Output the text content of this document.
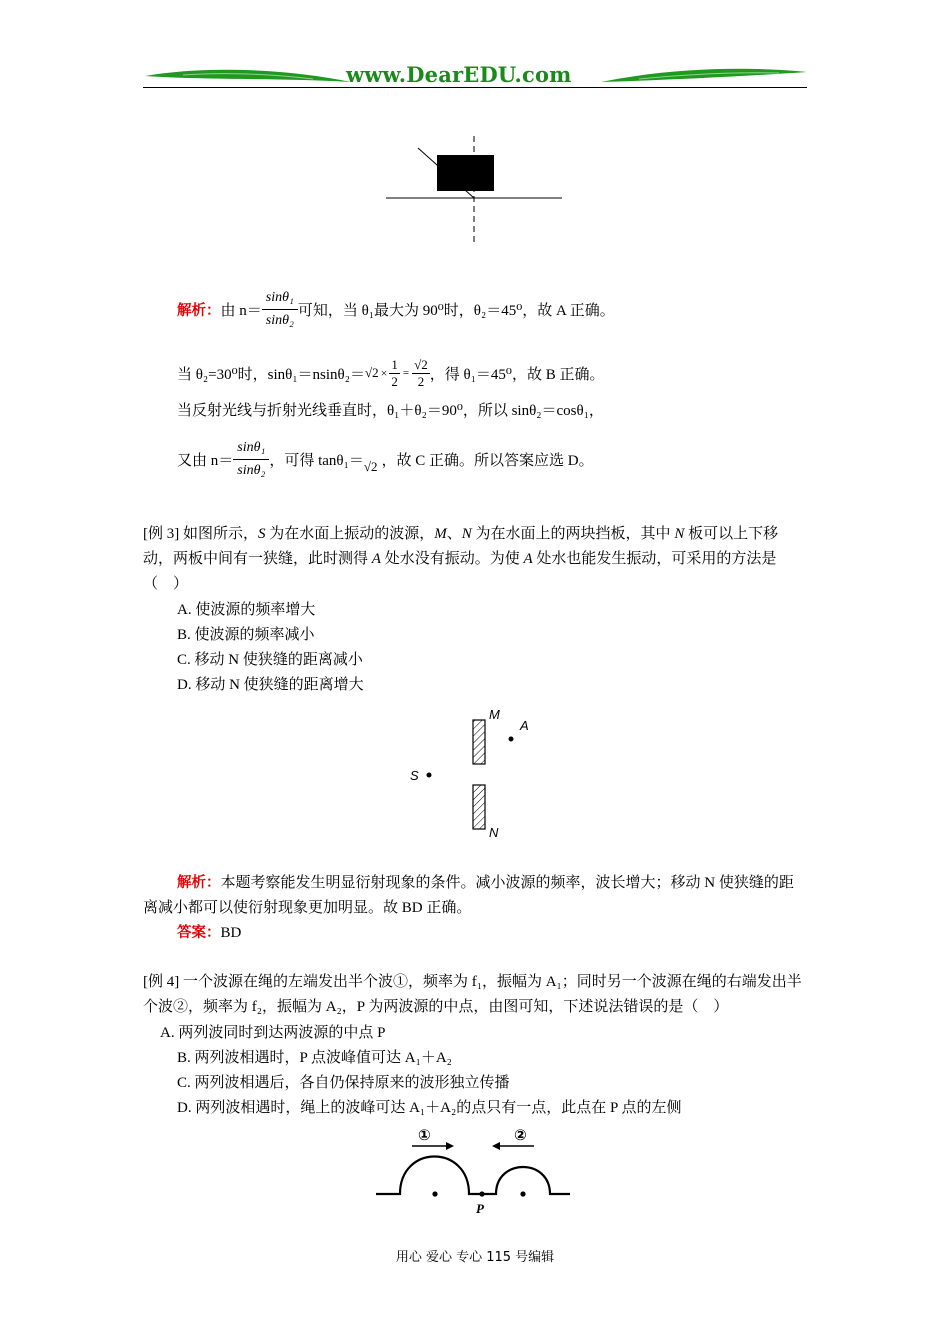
www.DearEDU.com
解析： 由 $n= \frac{\text{sinθ₁}}{\text{sinθ₂}}$ 可知，当 θ₁最大为 90⁰时，θ₂＝45⁰，故 A 正确。
当 θ₂=30⁰时，$\sin\theta_1=nsin\theta_2= √2 \times \frac{1}{2} = \frac{√2}{2}$ ，得 θ₁＝45⁰，故 B 正确。
当反射光线与折射光线垂直时，θ₁＋θ₂＝90⁰，所以 sinθ₂＝cosθ₁，
又由 $n= \frac{\text{sinθ₁}}{\text{sinθ₂}}$ ，可得 tanθ₁＝ √2 ，故 C 正确。所以答案应选 D。
[例 3] 如图所示，S 为在水面上振动的波源，M、N 为在水面上的两块挡板，其中 N 板可以上下移动，两板中间有一狭缝，此时测得 A 处水没有振动。为使 A 处水也能发生振动，可采用的方法是（　）
A. 使波源的频率增大
B. 使波源的频率减小
C. 移动 N 使狭缝的距离减小
D. 移动 N 使狭缝的距离增大
M
A
S
N
解析：本题考察能发生明显衍射现象的条件。减小波源的频率，波长增大；移动 N 使狭缝的距离减小都可以使衍射现象更加明显。故 BD 正确。
答案：BD
[例 4] 一个波源在绳的左端发出半个波①，频率为 f₁，振幅为 A₁；同时另一个波源在绳的右端发出半个波②，频率为 f₂，振幅为 A₂，P 为两波源的中点，由图可知，下述说法错误的是（　）
A. 两列波同时到达两波源的中点 P
B. 两列波相遇时，P 点波峰值可达 A₁＋A₂
C. 两列波相遇后，各自仍保持原来的波形独立传播
D. 两列波相遇时，绳上的波峰可达 A₁＋A₂的点只有一点，此点在 P 点的左侧
①	②
P
用心 爱心 专心 115 号编辑
